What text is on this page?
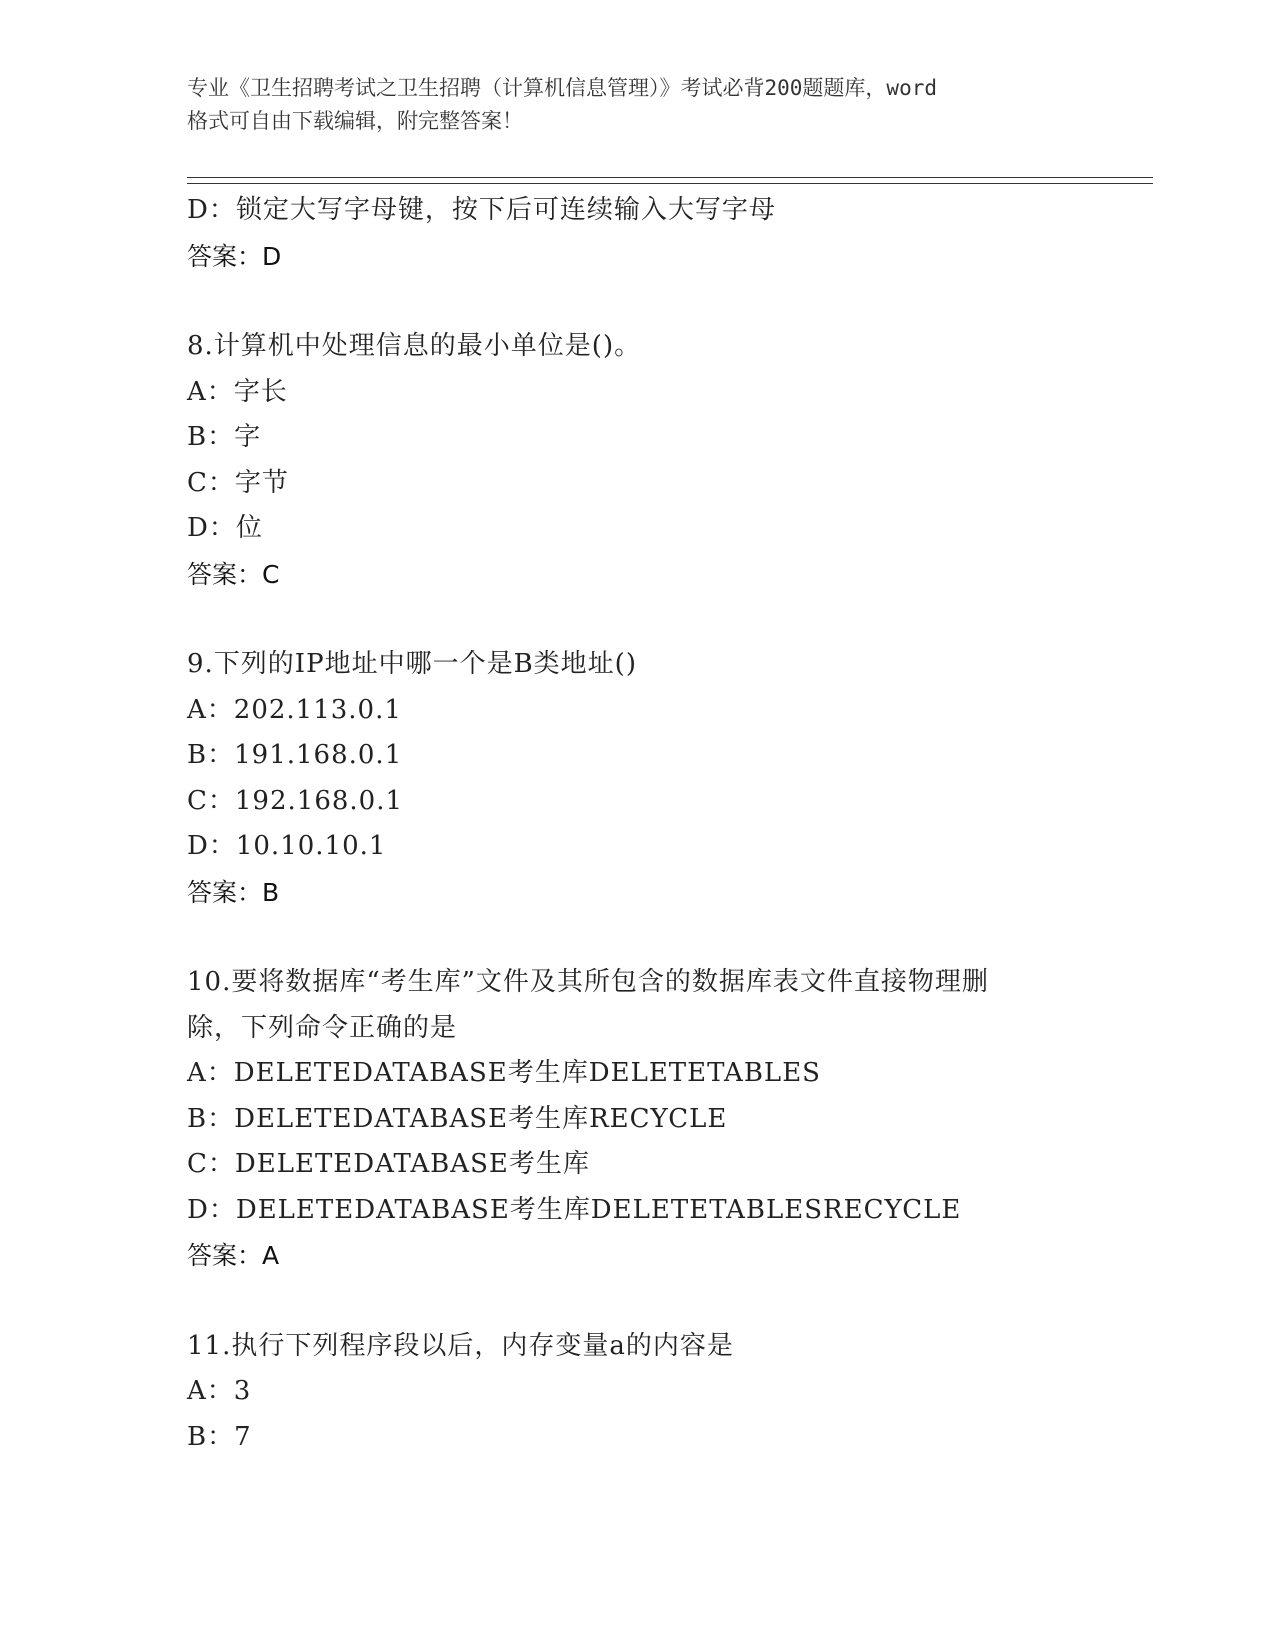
专业《卫生招聘考试之卫生招聘（计算机信息管理）》考试必背200题题库，word
格式可自由下载编辑，附完整答案！
D：锁定大写字母键，按下后可连续输入大写字母
答案：D
8.计算机中处理信息的最小单位是()。
A：字长
B：字
C：字节
D：位
答案：C
9.下列的IP地址中哪一个是B类地址()
A：202.113.0.1
B：191.168.0.1
C：192.168.0.1
D：10.10.10.1
答案：B
10.要将数据库“考生库”文件及其所包含的数据库表文件直接物理删
除，下列命令正确的是
A：DELETEDATABASE考生库DELETETABLES
B：DELETEDATABASE考生库RECYCLE
C：DELETEDATABASE考生库
D：DELETEDATABASE考生库DELETETABLESRECYCLE
答案：A
11.执行下列程序段以后，内存变量a的内容是
A：3
B：7
